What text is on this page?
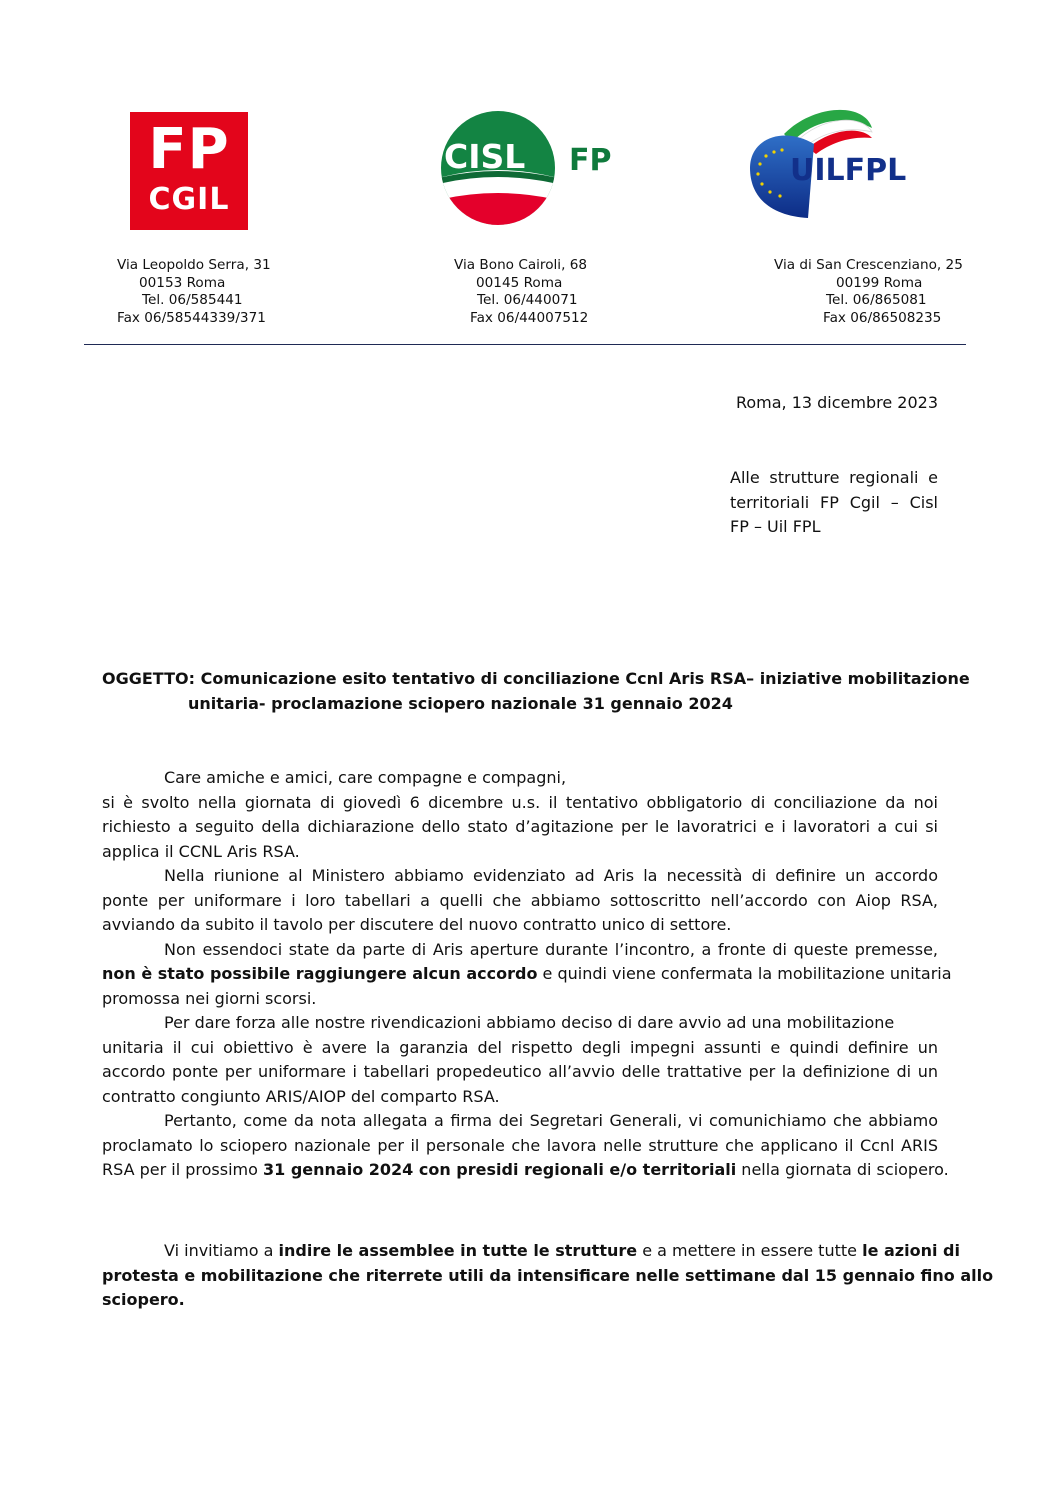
FP
CGIL
CISL FP	UILFPL
Via Leopoldo Serra, 31
00153 Roma
Tel. 06/585441
Fax 06/58544339/371
Via Bono Cairoli, 68
00145 Roma
Tel. 06/440071
Fax 06/44007512
Via di San Crescenziano, 25
00199 Roma
Tel. 06/865081
Fax 06/86508235
Roma, 13 dicembre 2023
Alle strutture regionali e
territoriali FP Cgil – Cisl
FP – Uil FPL
OGGETTO: Comunicazione esito tentativo di conciliazione Ccnl Aris RSA– iniziative mobilitazione
unitaria- proclamazione sciopero nazionale 31 gennaio 2024
Care amiche e amici, care compagne e compagni,
si è svolto nella giornata di giovedì 6 dicembre u.s. il tentativo obbligatorio di conciliazione da noi
richiesto a seguito della dichiarazione dello stato d’agitazione per le lavoratrici e i lavoratori a cui si
applica il CCNL Aris RSA.
Nella riunione al Ministero abbiamo evidenziato ad Aris la necessità di definire un accordo
ponte per uniformare i loro tabellari a quelli che abbiamo sottoscritto nell’accordo con Aiop RSA,
avviando da subito il tavolo per discutere del nuovo contratto unico di settore.
Non essendoci state da parte di Aris aperture durante l’incontro, a fronte di queste premesse,
non è stato possibile raggiungere alcun accordo e quindi viene confermata la mobilitazione unitaria
promossa nei giorni scorsi.
Per dare forza alle nostre rivendicazioni abbiamo deciso di dare avvio ad una mobilitazione
unitaria il cui obiettivo è avere la garanzia del rispetto degli impegni assunti e quindi definire un
accordo ponte per uniformare i tabellari propedeutico all’avvio delle trattative per la definizione di un
contratto congiunto ARIS/AIOP del comparto RSA.
Pertanto, come da nota allegata a firma dei Segretari Generali, vi comunichiamo che abbiamo
proclamato lo sciopero nazionale per il personale che lavora nelle strutture che applicano il Ccnl ARIS
RSA per il prossimo 31 gennaio 2024 con presidi regionali e/o territoriali nella giornata di sciopero.
Vi invitiamo a indire le assemblee in tutte le strutture e a mettere in essere tutte le azioni di
protesta e mobilitazione che riterrete utili da intensificare nelle settimane dal 15 gennaio fino allo
sciopero.
